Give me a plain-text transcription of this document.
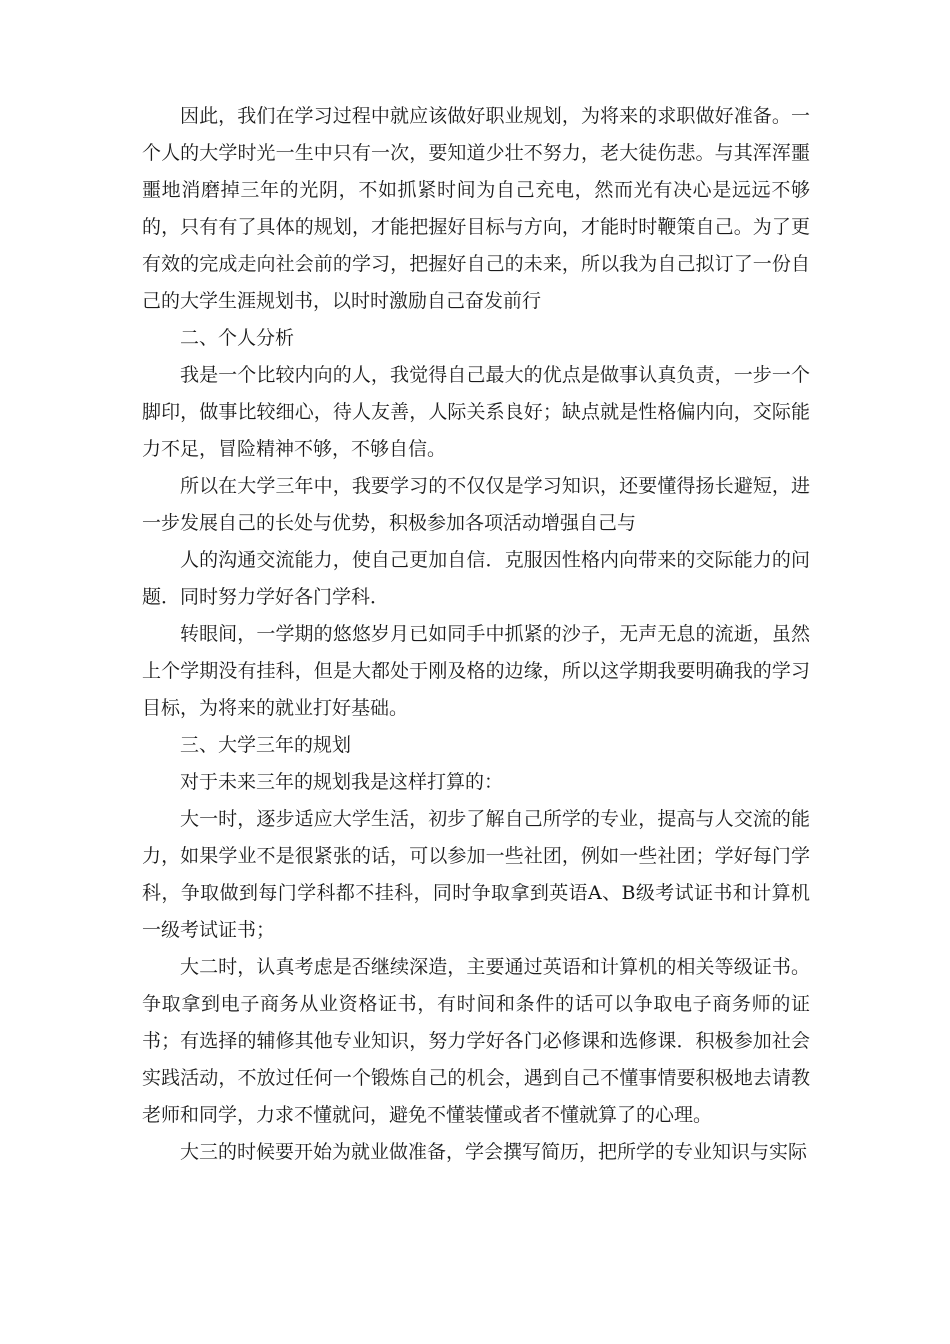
因此，我们在学习过程中就应该做好职业规划，为将来的求职做好准备。一个人的大学时光一生中只有一次，要知道少壮不努力，老大徒伤悲。与其浑浑噩噩地消磨掉三年的光阴，不如抓紧时间为自己充电，然而光有决心是远远不够的，只有有了具体的规划，才能把握好目标与方向，才能时时鞭策自己。为了更有效的完成走向社会前的学习，把握好自己的未来，所以我为自己拟订了一份自己的大学生涯规划书，以时时激励自己奋发前行

二、个人分析

我是一个比较内向的人，我觉得自己最大的优点是做事认真负责，一步一个脚印，做事比较细心，待人友善，人际关系良好；缺点就是性格偏内向，交际能力不足，冒险精神不够，不够自信。

所以在大学三年中，我要学习的不仅仅是学习知识，还要懂得扬长避短，进一步发展自己的长处与优势，积极参加各项活动增强自己与

人的沟通交流能力，使自己更加自信．克服因性格内向带来的交际能力的问题．同时努力学好各门学科．

转眼间，一学期的悠悠岁月已如同手中抓紧的沙子，无声无息的流逝，虽然上个学期没有挂科，但是大都处于刚及格的边缘，所以这学期我要明确我的学习目标，为将来的就业打好基础。

三、大学三年的规划

对于未来三年的规划我是这样打算的：

大一时，逐步适应大学生活，初步了解自己所学的专业，提高与人交流的能力，如果学业不是很紧张的话，可以参加一些社团，例如一些社团；学好每门学科，争取做到每门学科都不挂科，同时争取拿到英语A、B级考试证书和计算机一级考试证书；

大二时，认真考虑是否继续深造，主要通过英语和计算机的相关等级证书。争取拿到电子商务从业资格证书，有时间和条件的话可以争取电子商务师的证书；有选择的辅修其他专业知识，努力学好各门必修课和选修课．积极参加社会实践活动，不放过任何一个锻炼自己的机会，遇到自己不懂事情要积极地去请教老师和同学，力求不懂就问，避免不懂装懂或者不懂就算了的心理。

大三的时候要开始为就业做准备，学会撰写简历，把所学的专业知识与实际
